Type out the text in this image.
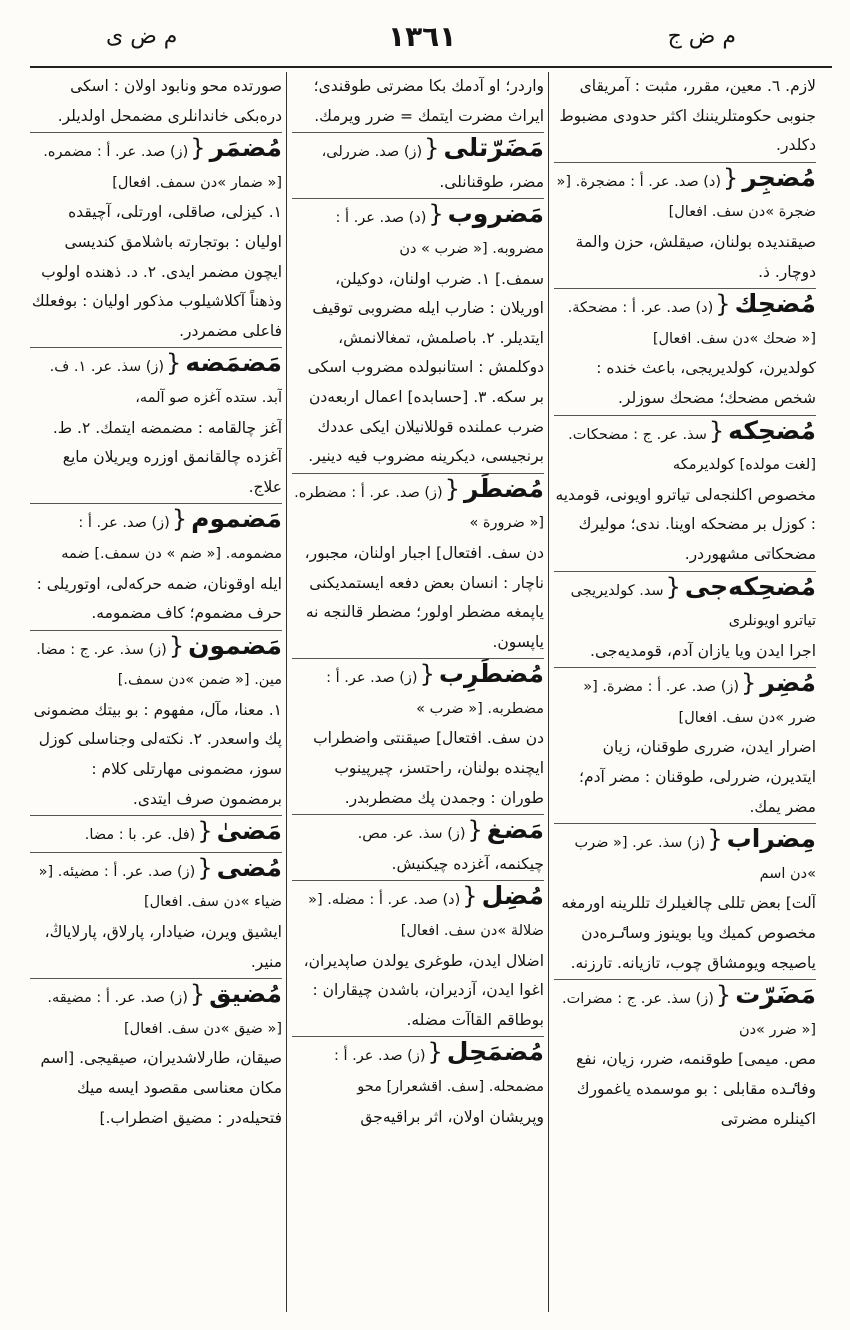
م ض ی	١٣٦١	م ض ج
لازم. ٦. معين، مقرر، مثبت : آمريقاى جنوبى حكومتلريننك اكثر حدودى مضبوط دكلدر.
مُضجِر{(د) صد. عر. أ : مضجرة. [« ضجرة »دن سف. افعال]
صيقنديده بولنان، صيقلش، حزن والمة دوچار. ذ.
مُضحِك{(د) صد. عر. أ : مضحكة. [« ضحك »دن سف. افعال]
كولديرن، كولديريجى، باعث خنده : شخص مضحك؛ مضحك سوزلر.
مُضحِكه{سذ. عر. ج : مضحكات. [لغت مولده] كولديرمكه
مخصوص اكلنجه‌لى تياترو اويونى، قومديه : كوزل بر مضحكه اوينا. ندى؛ موليرك مضحكاتى مشهوردر.
مُضحِكه‌جى{سد. كولديريجى تياترو اويونلرى
اجرا ايدن ويا يازان آدم، قومديه‌جى.
مُضِر{(ز) صد. عر. أ : مضرة. [« ضرر »دن سف. افعال]
اضرار ايدن، ضررى طوقنان، زيان ايتديرن، ضررلى، طوقنان : مضر آدم؛ مضر يمك.
مِضراب{(ز) سذ. عر. [« ضرب »دن اسم
آلت] بعض تللى چالغيلرك تللرينه اورمغه مخصوص كميك ويا بوينوز وساٸره‌دن ياصيجه ويومشاق چوب، تازيانه. تارزنه.
مَضَرّت{(ز) سذ. عر. ج : مضرات. [« ضرر »دن
مص. ميمى] طوقنمه، ضرر، زيان، نفع وفاٸده مقابلى : بو موسمده ياغمورك اكينلره مضرتى
واردر؛ او آدمك بكا مضرتى طوقندى؛ ايراث مضرت ايتمك = ضرر ويرمك.
مَضَرّتلى{(ز) صد. ضررلى،
مضر، طوقنانلى.
مَضروب{(د) صد. عر. أ : مضروبه. [« ضرب » دن
سمف.] ١. ضرب اولنان، دوكيلن، اوريلان : ضارب ايله مضروبى توقيف ايتديلر. ٢. باصلمش، تمغالانمش، دوكلمش : استانبولده مضروب اسكى بر سكه. ٣. [حسابده] اعمال اربعه‌دن ضرب عملنده قوللانيلان ايكى عددك برنجيسى، ديكرينه مضروب فيه دينير.
مُضطَر{(ز) صد. عر. أ : مضطره. [« ضرورة »
دن سف. افتعال] اجبار اولنان، مجبور، ناچار : انسان بعض دفعه ايستمديكنى ياپمغه مضطر اولور؛ مضطر قالنجه نه ياپسون.
مُضطَرِب{(ز) صد. عر. أ : مضطربه. [« ضرب »
دن سف. افتعال] صيقنتى واضطراب ايچنده بولنان، راحتسز، چيرپينوب طوران : وجمدن پك مضطربدر.
مَضغ{(ز) سذ. عر. مص.
چيكنمه، آغزده چيكنيش.
مُضِل{(د) صد. عر. أ : مضله. [« ضلالة »دن سف. افعال]
اضلال ايدن، طوغرى يولدن صاپديران، اغوا ايدن، آزديران، باشدن چيقاران : بوطاقم القاآت مضله.
مُضمَحِل{(ز) صد. عر. أ : مضمحله. [سف. اقشعرار] محو
وپريشان اولان، اثر براقيه‌جق
صورتده محو ونابود اولان : اسكى دره‌بكى خاندانلرى مضمحل اولديلر.
مُضمَر{(ز) صد. عر. أ : مضمره. [« ضمار »دن سمف. افعال]
١. كيزلى، صاقلى، اورتلى، آچيقده اوليان : بوتجارته باشلامق كنديسى ايچون مضمر ايدى. ٢. د. ذهنده اولوب وذهناً آكلاشيلوب مذكور اوليان : بوفعلك فاعلى مضمردر.
مَضمَضه{(ز) سذ. عر. ١. ف. آبد. ستده آغزه صو آلمه،
آغز چالقامه : مضمضه ايتمك. ٢. ط. آغزده چالقانمق اوزره ويريلان مايع علاج.
مَضموم{(ز) صد. عر. أ : مضمومه. [« ضم » دن سمف.] ضمه
ايله اوقونان، ضمه حركه‌لى، اوتوريلى : حرف مضموم؛ كاف مضمومه.
مَضمون{(ز) سذ. عر. ج : مضا. مين. [« ضمن »دن سمف.]
١. معنا، مآل، مفهوم : بو بيتك مضمونى پك واسعدر. ٢. نكته‌لى وجناسلى كوزل سوز، مضمونى مهارتلى كلام : برمضمون صرف ايتدى.
مَضىٰ{(فل. عر. با : مضا.
مُضى{(ز) صد. عر. أ : مضيئه. [« ضياء »دن سف. افعال]
ايشيق ويرن، ضيادار، پارلاق، پارلاياڭ، منير.
مُضيق{(ز) صد. عر. أ : مضيقه. [« ضيق »دن سف. افعال]
صيقان، طارلاشديران، صيقيجى. [اسم مكان معناسى مقصود ايسه ميك فتحيله‌در : مضيق اضطراب.]
